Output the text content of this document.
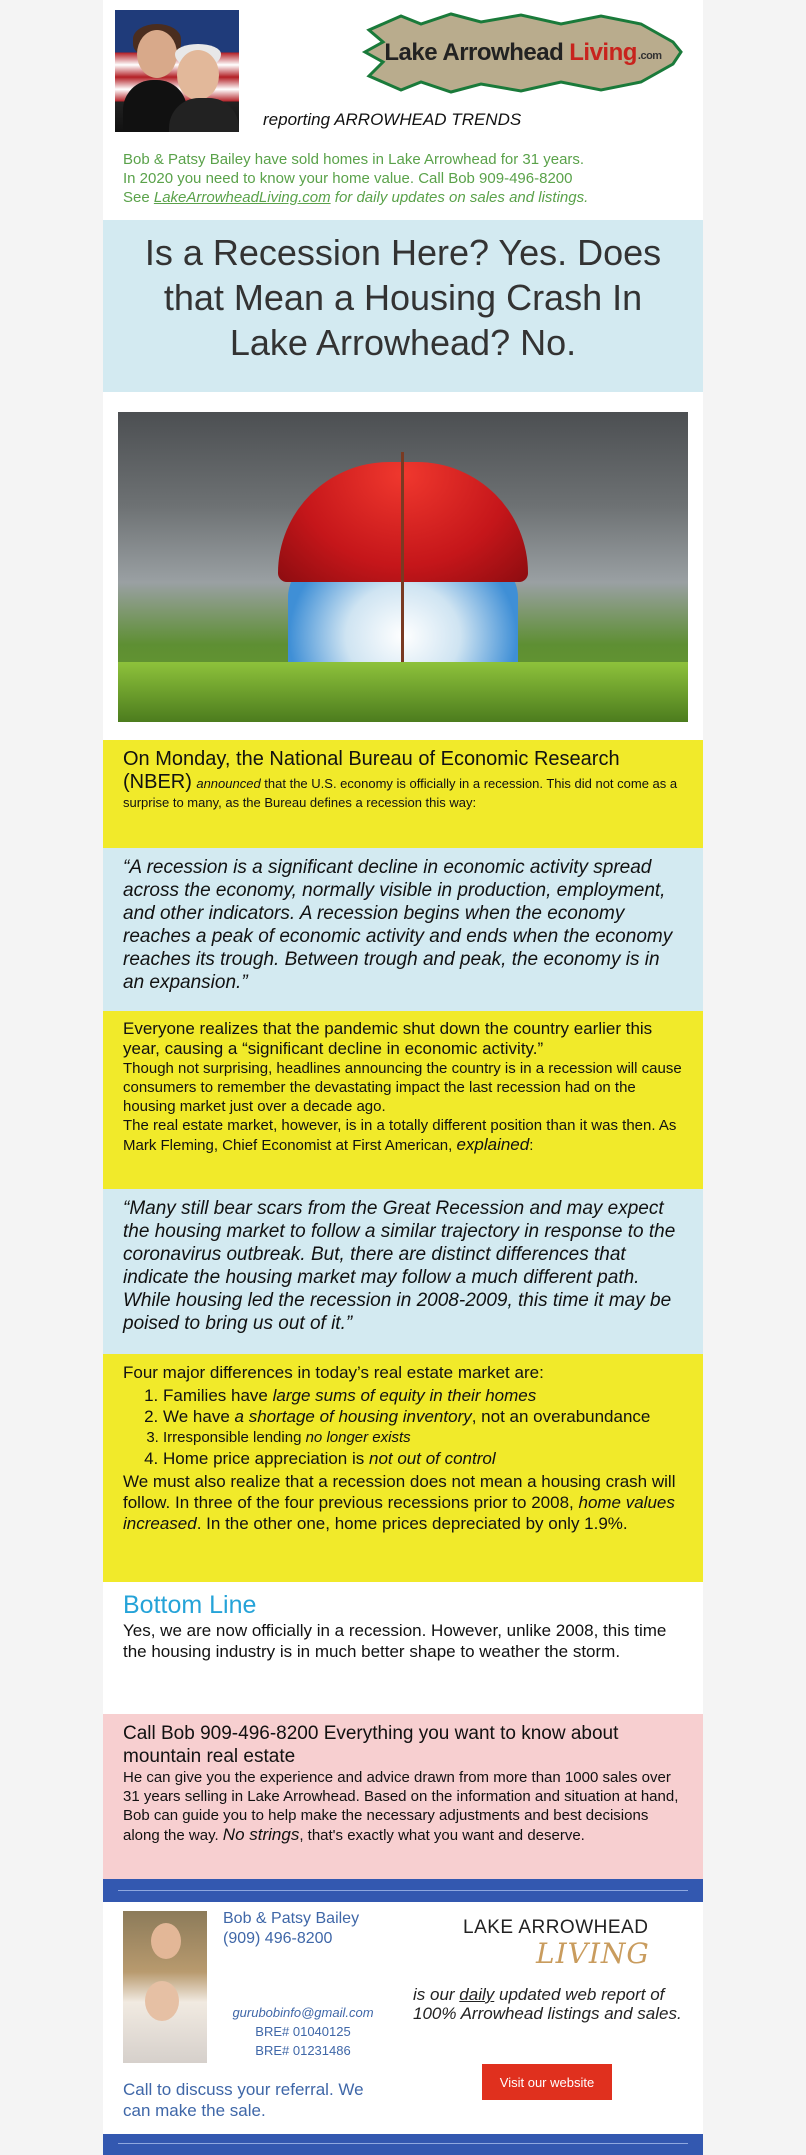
Lake Arrowhead Living .com
reporting ARROWHEAD TRENDS
Bob & Patsy Bailey have sold homes in Lake Arrowhead for 31 years.
In 2020 you need to know your home value. Call Bob 909-496-8200
See LakeArrowheadLiving.com for daily updates on sales and listings.
Is a Recession Here? Yes. Does that Mean a Housing Crash In Lake Arrowhead? No.
On Monday, the National Bureau of Economic Research (NBER) announced that the U.S. economy is officially in a recession. This did not come as a surprise to many, as the Bureau defines a recession this way:

“A recession is a significant decline in economic activity spread across the economy, normally visible in production, employment, and other indicators. A recession begins when the economy reaches a peak of economic activity and ends when the economy reaches its trough. Between trough and peak, the economy is in an expansion.”

Everyone realizes that the pandemic shut down the country earlier this year, causing a “significant decline in economic activity.”
Though not surprising, headlines announcing the country is in a recession will cause consumers to remember the devastating impact the last recession had on the housing market just over a decade ago.
The real estate market, however, is in a totally different position than it was then. As Mark Fleming, Chief Economist at First American, explained:

“Many still bear scars from the Great Recession and may expect the housing market to follow a similar trajectory in response to the coronavirus outbreak. But, there are distinct differences that indicate the housing market may follow a much different path. While housing led the recession in 2008-2009, this time it may be poised to bring us out of it.”

Four major differences in today’s real estate market are:
1. Families have large sums of equity in their homes
2. We have a shortage of housing inventory, not an overabundance
3. Irresponsible lending no longer exists
4. Home price appreciation is not out of control
We must also realize that a recession does not mean a housing crash will follow. In three of the four previous recessions prior to 2008, home values increased. In the other one, home prices depreciated by only 1.9%.
Bottom Line

Yes, we are now officially in a recession. However, unlike 2008, this time the housing industry is in much better shape to weather the storm.

Call Bob 909-496-8200 Everything you want to know about mountain real estate
He can give you the experience and advice drawn from more than 1000 sales over 31 years selling in Lake Arrowhead. Based on the information and situation at hand, Bob can guide you to help make the necessary adjustments and best decisions along the way. No strings, that's exactly what you want and deserve.
Bob & Patsy Bailey
(909) 496-8200
gurubobinfo@gmail.com
BRE# 01040125
BRE# 01231486
Call to discuss your referral. We can make the sale.
LAKE ARROWHEAD
LIVING
is our daily updated web report of 100% Arrowhead listings and sales.
Visit our website
